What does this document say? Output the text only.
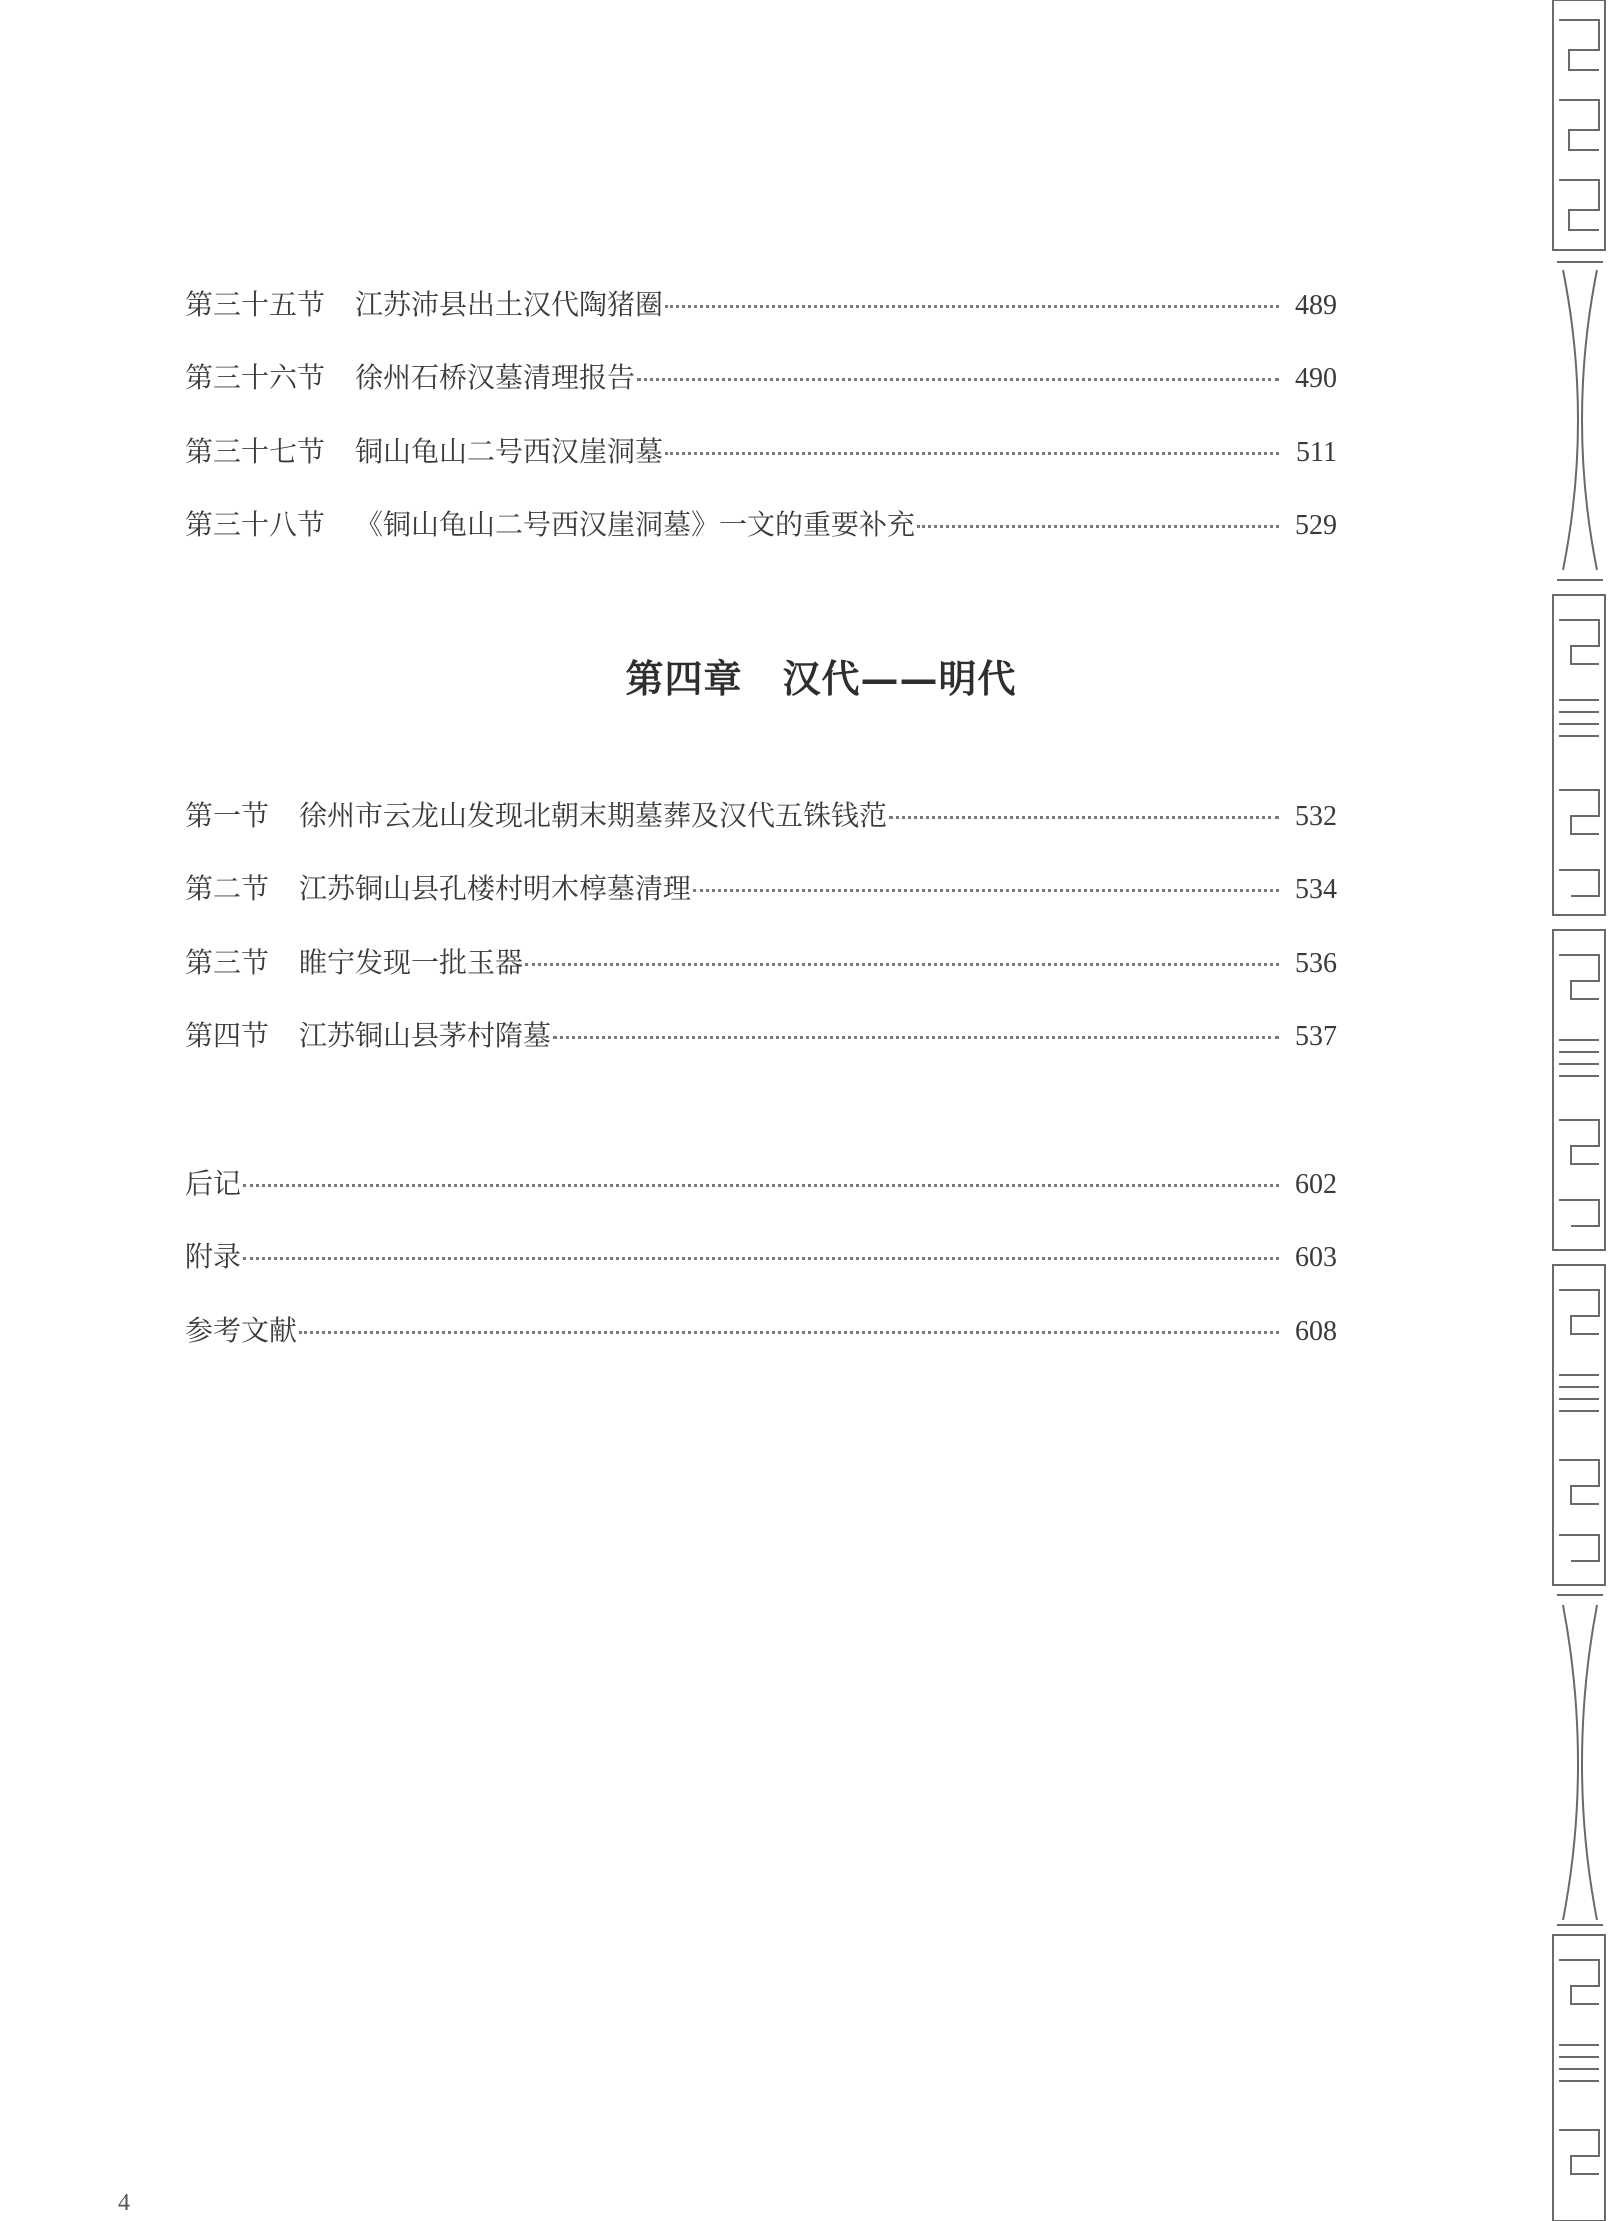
第三十五节 江苏沛县出土汉代陶猪圈	489
第三十六节 徐州石桥汉墓清理报告	490
第三十七节 铜山龟山二号西汉崖洞墓	511
第三十八节 《铜山龟山二号西汉崖洞墓》一文的重要补充	529
第四章 汉代——明代
第一节 徐州市云龙山发现北朝末期墓葬及汉代五铢钱范	532
第二节 江苏铜山县孔楼村明木椁墓清理	534
第三节 睢宁发现一批玉器	536
第四节 江苏铜山县茅村隋墓	537
后记	602
附录	603
参考文献	608
4
